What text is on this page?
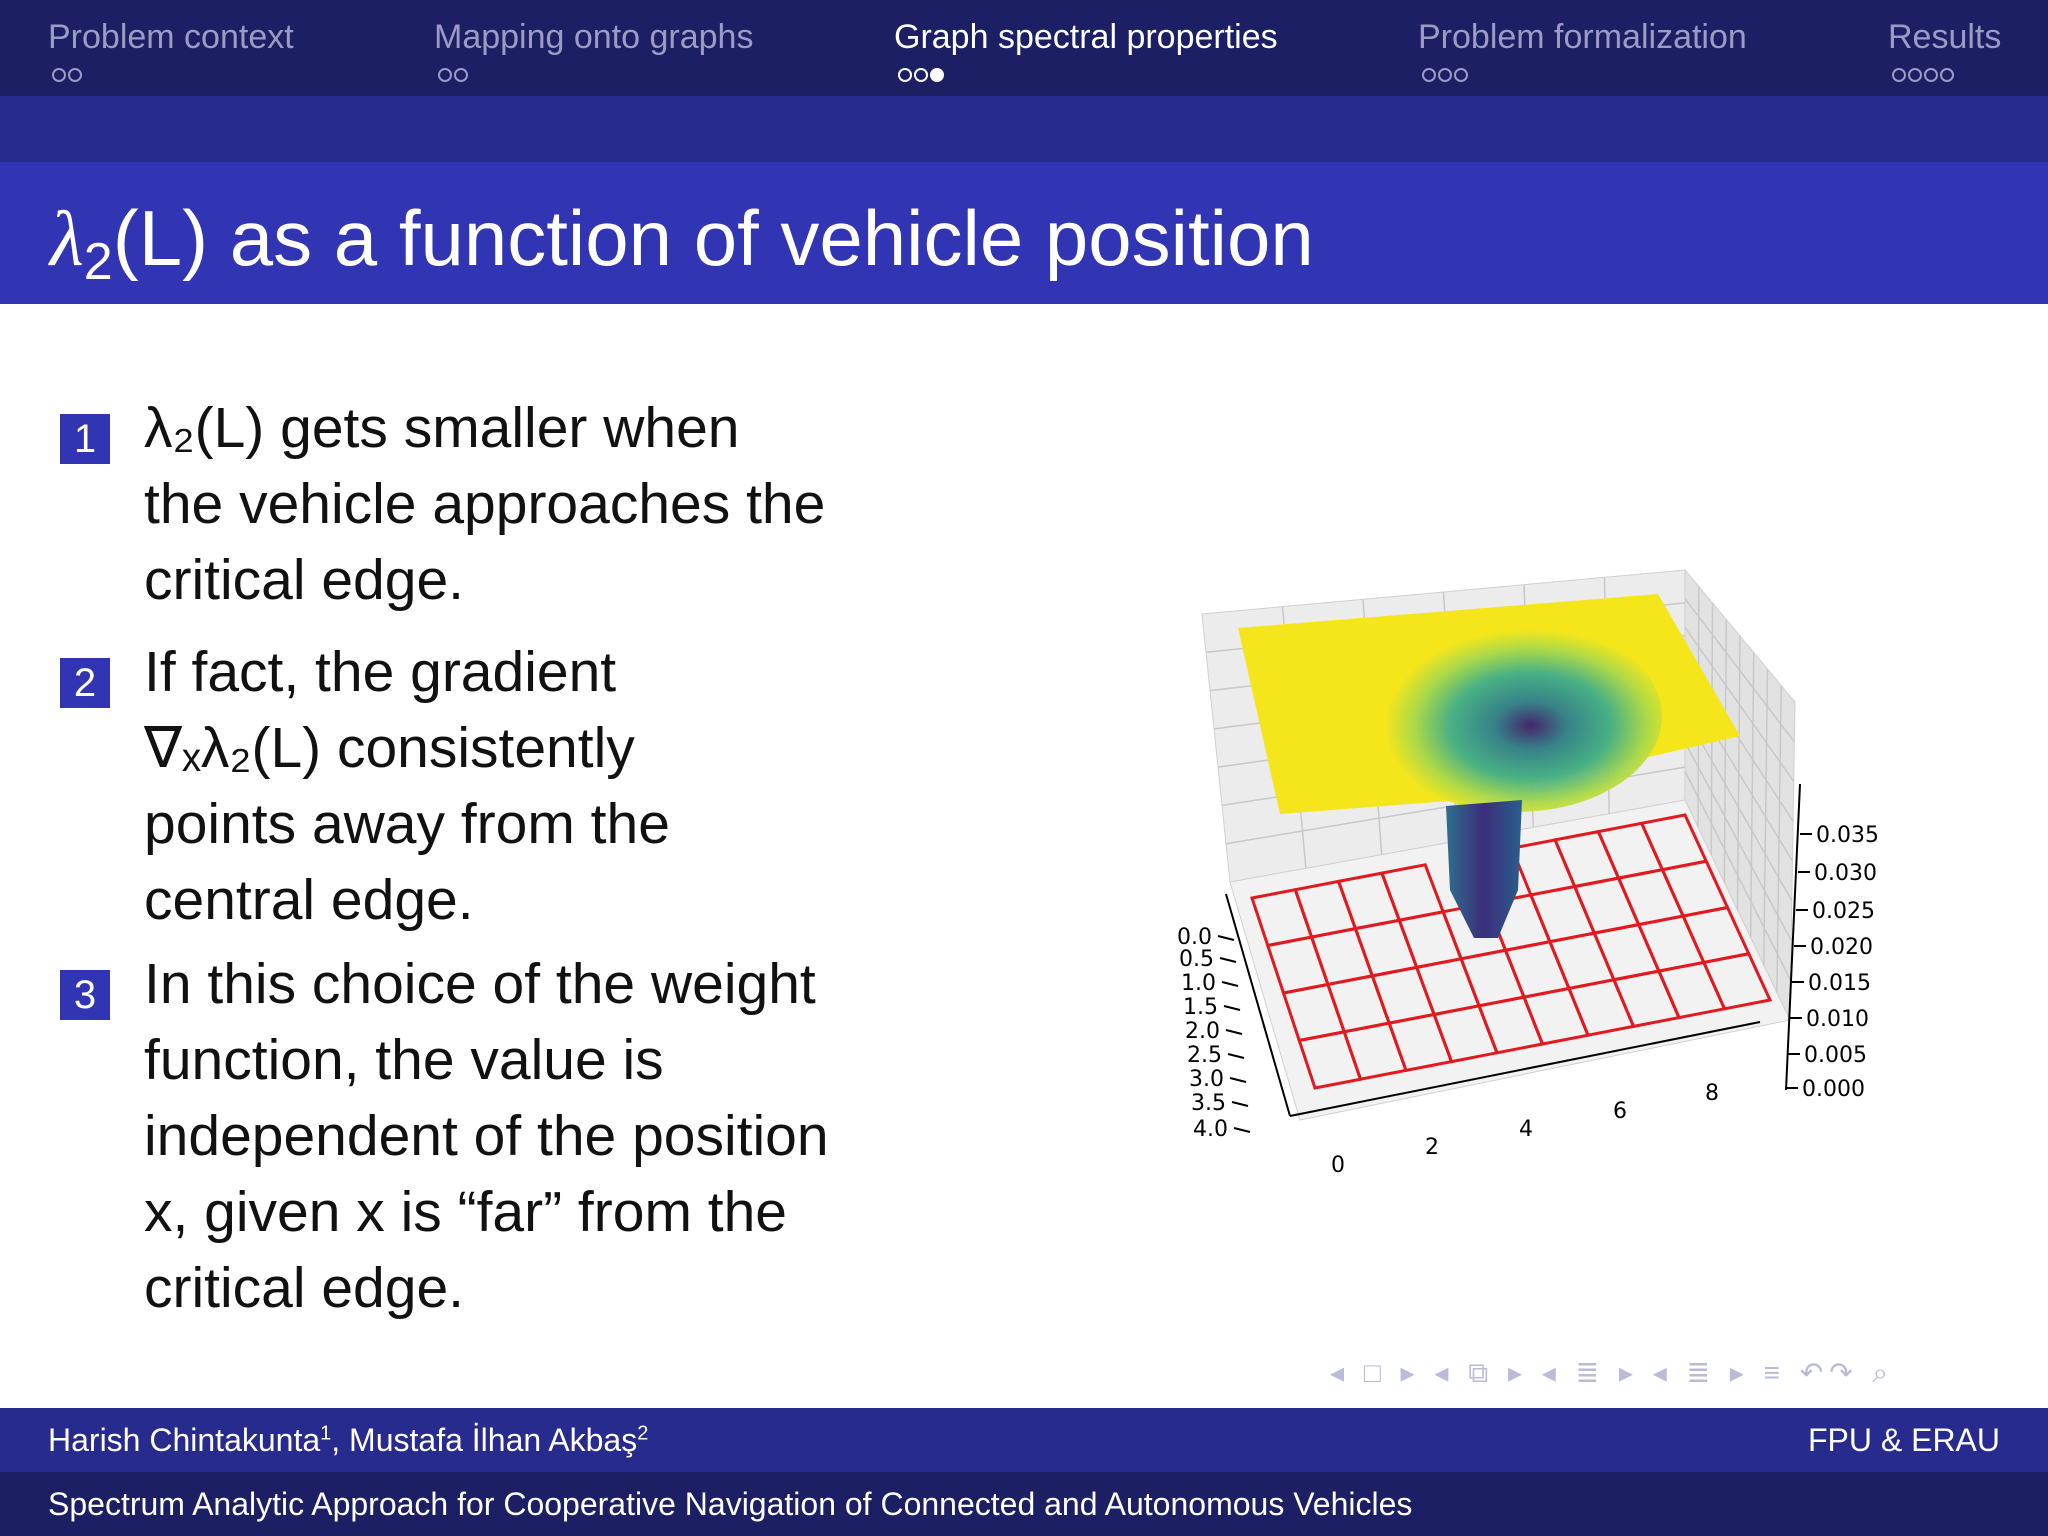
Problem context	Mapping onto graphs	Graph spectral properties	Problem formalization	Results
λ2(L) as a function of vehicle position
1 λ₂(L) gets smaller when
the vehicle approaches the
critical edge.
2 If fact, the gradient
∇ₓλ₂(L) consistently
points away from the
central edge.
3 In this choice of the weight
function, the value is
independent of the position
x, given x is “far” from the
critical edge.
0.0
0.5
1.0
1.5
2.0
2.5
3.0
3.5
4.0
0
2
4
6
8
0.035
0.030
0.025
0.020
0.015
0.010
0.005
0.000
◂ □ ▸ ◂ ⧉ ▸ ◂ ≣ ▸ ◂ ≣ ▸ ≡ ↶↷ ⌕
Harish Chintakunta$^1$, Mustafa İlhan Akbaş$^2$	FPU & ERAU
Spectrum Analytic Approach for Cooperative Navigation of Connected and Autonomous Vehicles
